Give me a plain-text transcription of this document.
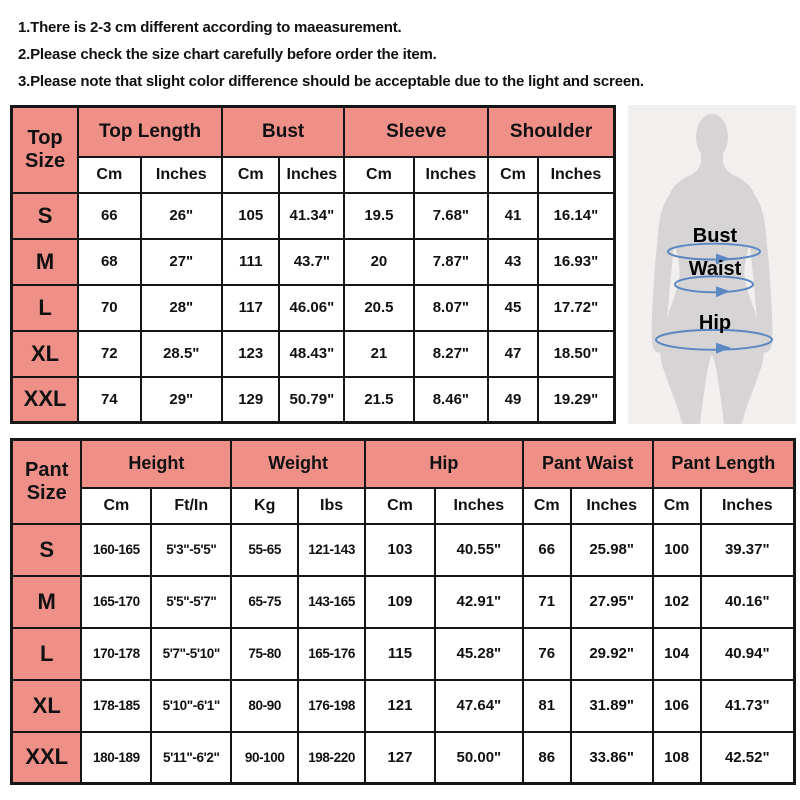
1.There is 2-3 cm different according to maeasurement.
2.Please check the size chart carefully before order the item.
3.Please note that slight color difference should be acceptable due to the light and screen.
Top Size	Top Length		Bust		Sleeve		Shoulder	
	Cm	Inches	Cm	Inches	Cm	Inches	Cm	Inches
S	66	26"	105	41.34"	19.5	7.68"	41	16.14"
M	68	27"	111	43.7"	20	7.87"	43	16.93"
L	70	28"	117	46.06"	20.5	8.07"	45	17.72"
XL	72	28.5"	123	48.43"	21	8.27"	47	18.50"
XXL	74	29"	129	50.79"	21.5	8.46"	49	19.29"
Bust
Waist
Hip
Pant Size	Height		Weight		Hip		Pant Waist		Pant Length	
	Cm	Ft/In	Kg	Ibs	Cm	Inches	Cm	Inches	Cm	Inches
S	160-165	5'3"-5'5"	55-65	121-143	103	40.55"	66	25.98"	100	39.37"
M	165-170	5'5"-5'7"	65-75	143-165	109	42.91"	71	27.95"	102	40.16"
L	170-178	5'7"-5'10"	75-80	165-176	115	45.28"	76	29.92"	104	40.94"
XL	178-185	5'10"-6'1"	80-90	176-198	121	47.64"	81	31.89"	106	41.73"
XXL	180-189	5'11"-6'2"	90-100	198-220	127	50.00"	86	33.86"	108	42.52"
